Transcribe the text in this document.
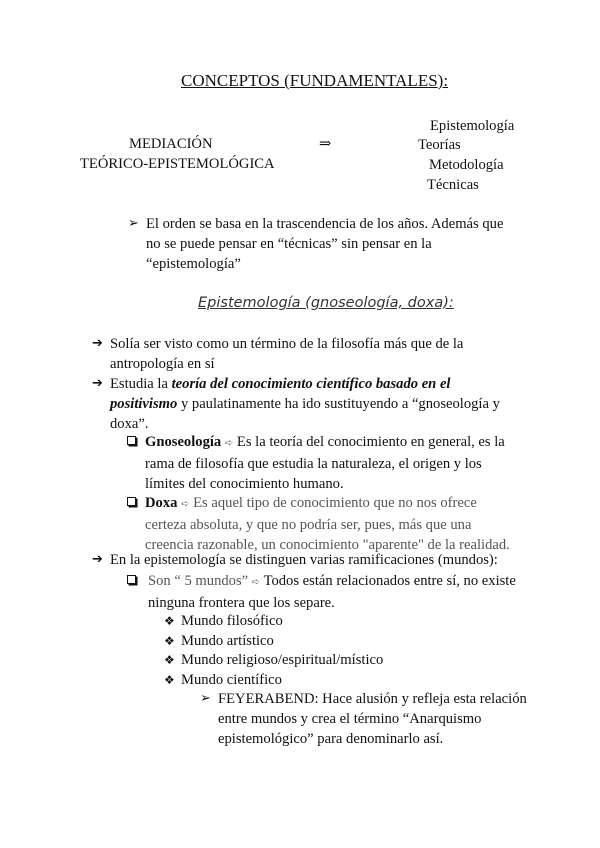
CONCEPTOS (FUNDAMENTALES):
MEDIACIÓN
TEÓRICO-EPISTEMOLÓGICA
⇒
Epistemología
Teorías
Metodología
Técnicas
➢ El orden se basa en la trascendencia de los años. Además que
no se puede pensar en “técnicas” sin pensar en la
“epistemología”
Epistemología (gnoseología, doxa):
➔ Solía ser visto como un término de la filosofía más que de la
antropología en sí
➔ Estudia la teoría del conocimiento científico basado en el
positivismo y paulatinamente ha ido sustituyendo a “gnoseología y
doxa”.
Gnoseología ➪ Es la teoría del conocimiento en general, es la
rama de filosofía que estudia la naturaleza, el origen y los
límites del conocimiento humano.
Doxa ➪ Es aquel tipo de conocimiento que no nos ofrece
certeza absoluta, y que no podría ser, pues, más que una
creencia razonable, un conocimiento "aparente" de la realidad.
➔ En la epistemología se distinguen varias ramificaciones (mundos):
Son “ 5 mundos” ➪ Todos están relacionados entre sí, no existe
ninguna frontera que los separe.
❖ Mundo filosófico
❖ Mundo artístico
❖ Mundo religioso/espiritual/místico
❖ Mundo científico
➢ FEYERABEND: Hace alusión y refleja esta relación
entre mundos y crea el término “Anarquismo
epistemológico” para denominarlo así.
